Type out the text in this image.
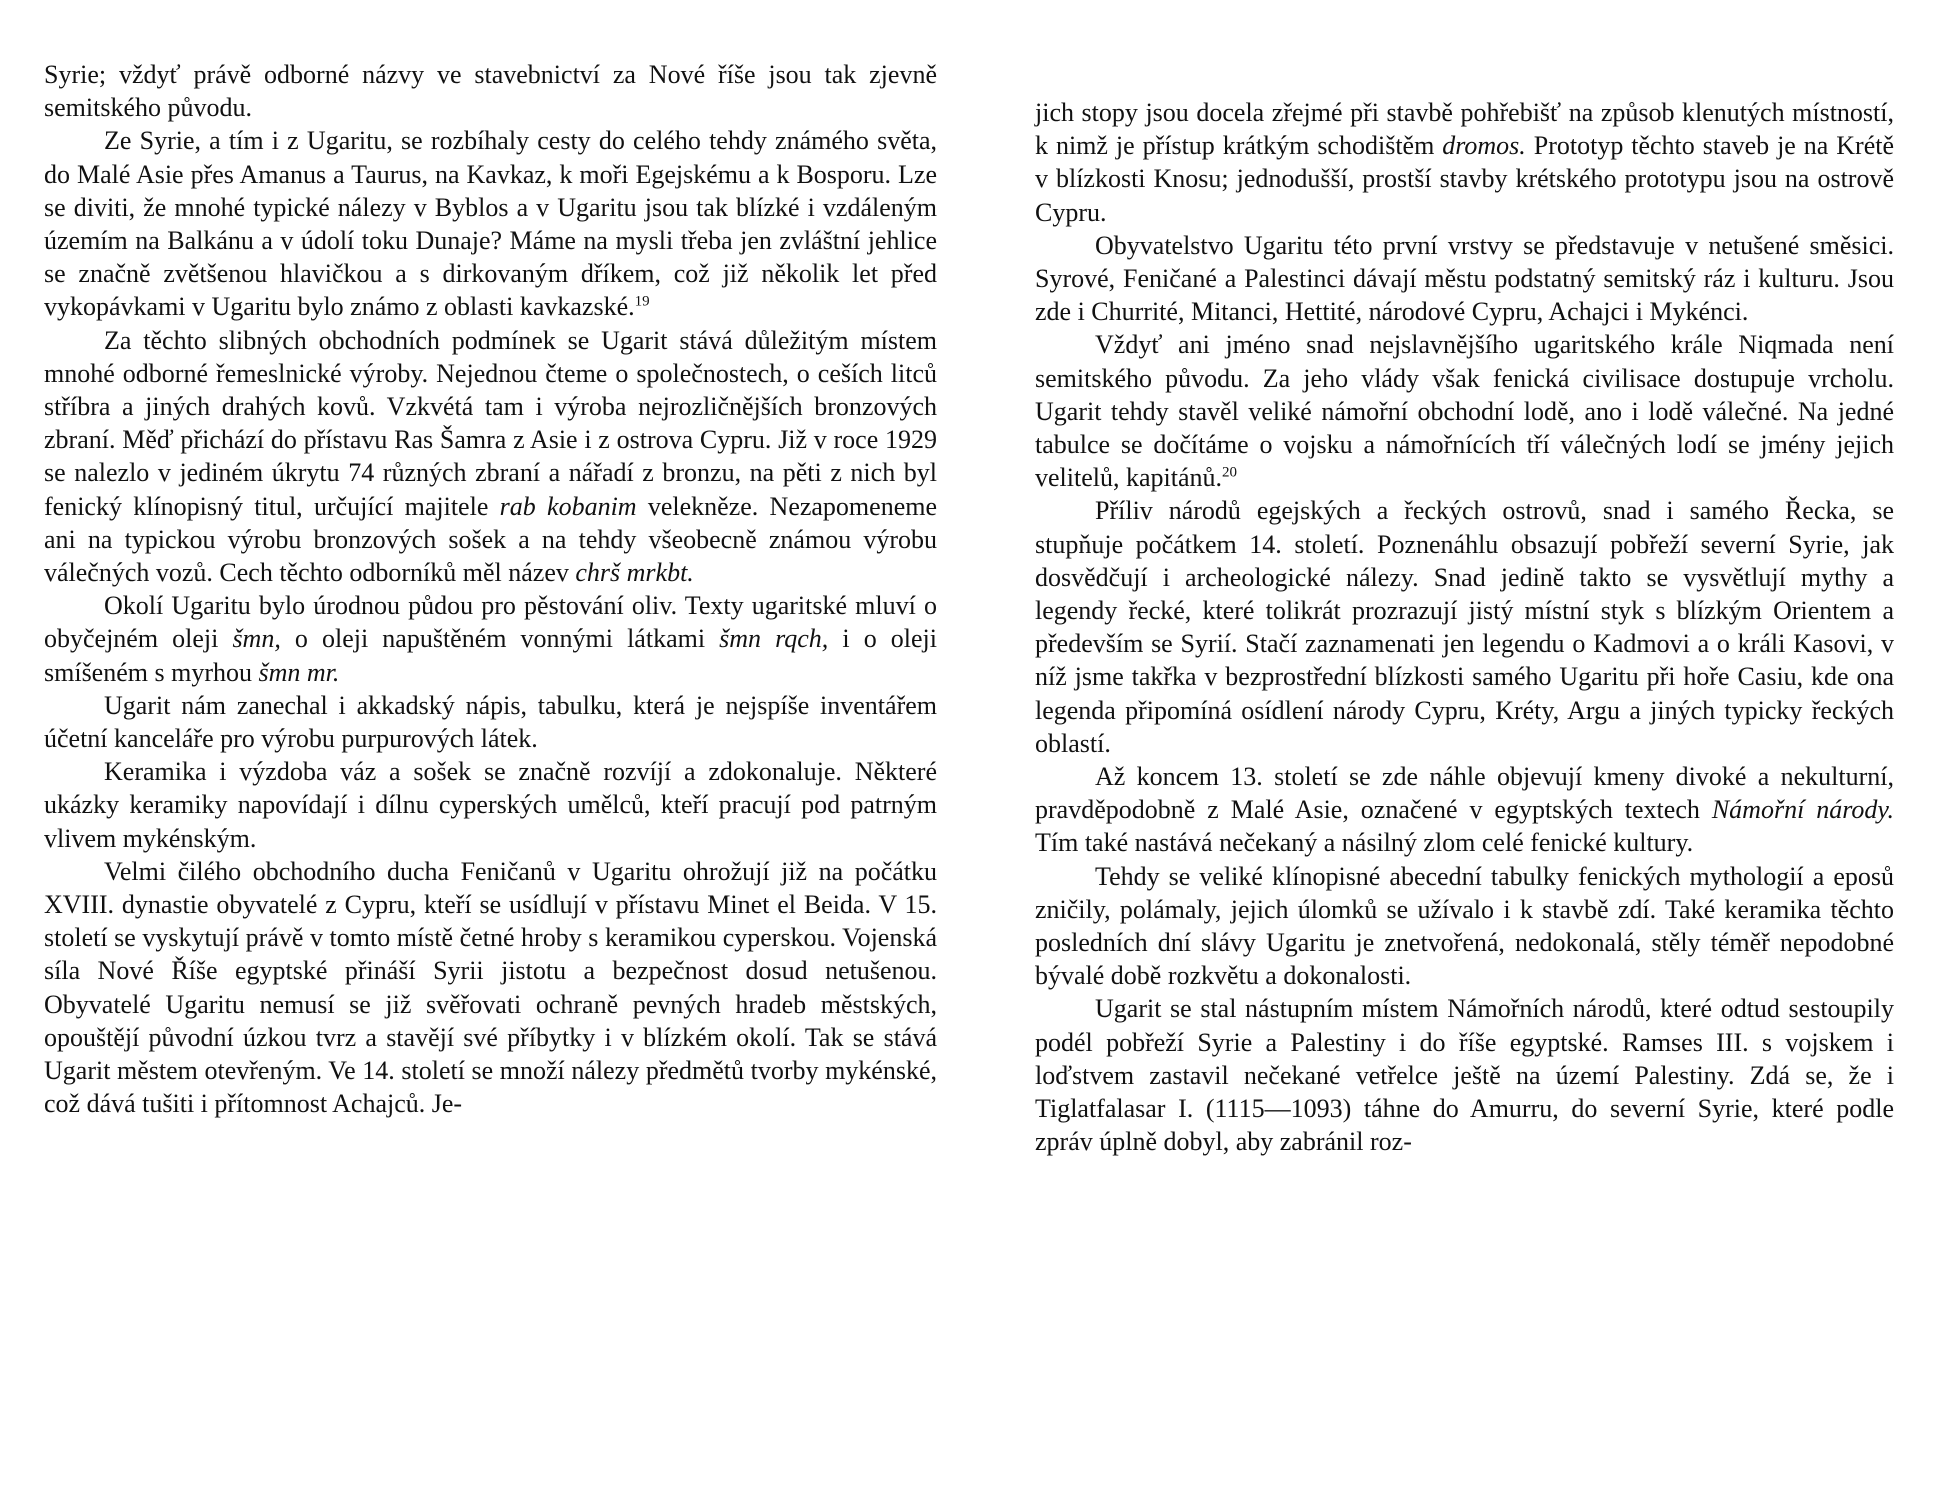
Syrie; vždyť právě odborné názvy ve stavebnictví za Nové říše jsou tak zjevně semitského původu.

Ze Syrie, a tím i z Ugaritu, se rozbíhaly cesty do celého tehdy známého světa, do Malé Asie přes Amanus a Taurus, na Kavkaz, k moři Egejskému a k Bosporu. Lze se diviti, že mnohé typické nálezy v Byblos a v Ugaritu jsou tak blízké i vzdáleným územím na Balkánu a v údolí toku Dunaje? Máme na mysli třeba jen zvláštní jehlice se značně zvětšenou hlavičkou a s dirkovaným dříkem, což již několik let před vykopávkami v Ugaritu bylo známo z oblasti kavkazské.$^{19}$

Za těchto slibných obchodních podmínek se Ugarit stává důležitým místem mnohé odborné řemeslnické výroby. Nejednou čteme o společnostech, o ceších litců stříbra a jiných drahých kovů. Vzkvétá tam i výroba nejrozličnějších bronzových zbraní. Měď přichází do přístavu Ras Šamra z Asie i z ostrova Cypru. Již v roce 1929 se nalezlo v jediném úkrytu 74 různých zbraní a nářadí z bronzu, na pěti z nich byl fenický klínopisný titul, určující majitele rab kobanim velekněze. Nezapomeneme ani na typickou výrobu bronzových sošek a na tehdy všeobecně známou výrobu válečných vozů. Cech těchto odborníků měl název chrš mrkbt.

Okolí Ugaritu bylo úrodnou půdou pro pěstování oliv. Texty ugaritské mluví o obyčejném oleji šmn, o oleji napuštěném vonnými látkami šmn rqch, i o oleji smíšeném s myrhou šmn mr.

Ugarit nám zanechal i akkadský nápis, tabulku, která je nejspíše inventářem účetní kanceláře pro výrobu purpurových látek.

Keramika i výzdoba váz a sošek se značně rozvíjí a zdokonaluje. Některé ukázky keramiky napovídají i dílnu cyperských umělců, kteří pracují pod patrným vlivem mykénským.

Velmi čilého obchodního ducha Feničanů v Ugaritu ohrožují již na počátku XVIII. dynastie obyvatelé z Cypru, kteří se usídlují v přístavu Minet el Beida. V 15. století se vyskytují právě v tomto místě četné hroby s keramikou cyperskou. Vojenská síla Nové Říše egyptské přináší Syrii jistotu a bezpečnost dosud netušenou. Obyvatelé Ugaritu nemusí se již svěřovati ochraně pevných hradeb městských, opouštějí původní úzkou tvrz a stavějí své příbytky i v blízkém okolí. Tak se stává Ugarit městem otevřeným. Ve 14. století se množí nálezy předmětů tvorby mykénské, což dává tušiti i přítomnost Achajců. Je-

jich stopy jsou docela zřejmé při stavbě pohřebišť na způsob klenutých místností, k nimž je přístup krátkým schodištěm dromos. Prototyp těchto staveb je na Krétě v blízkosti Knosu; jednodušší, prostší stavby krétského prototypu jsou na ostrově Cypru.

Obyvatelstvo Ugaritu této první vrstvy se představuje v netušené směsici. Syrové, Feničané a Palestinci dávají městu podstatný semitský ráz i kulturu. Jsou zde i Churrité, Mitanci, Hettité, národové Cypru, Achajci i Mykénci.

Vždyť ani jméno snad nejslavnějšího ugaritského krále Niqmada není semitského původu. Za jeho vlády však fenická civilisace dostupuje vrcholu. Ugarit tehdy stavěl veliké námořní obchodní lodě, ano i lodě válečné. Na jedné tabulce se dočítáme o vojsku a námořnících tří válečných lodí se jmény jejich velitelů, kapitánů.$^{20}$

Příliv národů egejských a řeckých ostrovů, snad i samého Řecka, se stupňuje počátkem 14. století. Poznenáhlu obsazují pobřeží severní Syrie, jak dosvědčují i archeologické nálezy. Snad jedině takto se vysvětlují mythy a legendy řecké, které tolikrát prozrazují jistý místní styk s blízkým Orientem a především se Syrií. Stačí zaznamenati jen legendu o Kadmovi a o králi Kasovi, v níž jsme takřka v bezprostřední blízkosti samého Ugaritu při hoře Casiu, kde ona legenda připomíná osídlení národy Cypru, Kréty, Argu a jiných typicky řeckých oblastí.

Až koncem 13. století se zde náhle objevují kmeny divoké a nekulturní, pravděpodobně z Malé Asie, označené v egyptských textech Námořní národy. Tím také nastává nečekaný a násilný zlom celé fenické kultury.

Tehdy se veliké klínopisné abecední tabulky fenických mythologií a eposů zničily, polámaly, jejich úlomků se užívalo i k stavbě zdí. Také keramika těchto posledních dní slávy Ugaritu je znetvořená, nedokonalá, stěly téměř nepodobné bývalé době rozkvětu a dokonalosti.

Ugarit se stal nástupním místem Námořních národů, které odtud sestoupily podél pobřeží Syrie a Palestiny i do říše egyptské. Ramses III. s vojskem i loďstvem zastavil nečekané vetřelce ještě na území Palestiny. Zdá se, že i Tiglatfalasar I. (1115—1093) táhne do Amurru, do severní Syrie, které podle zpráv úplně dobyl, aby zabránil roz-
